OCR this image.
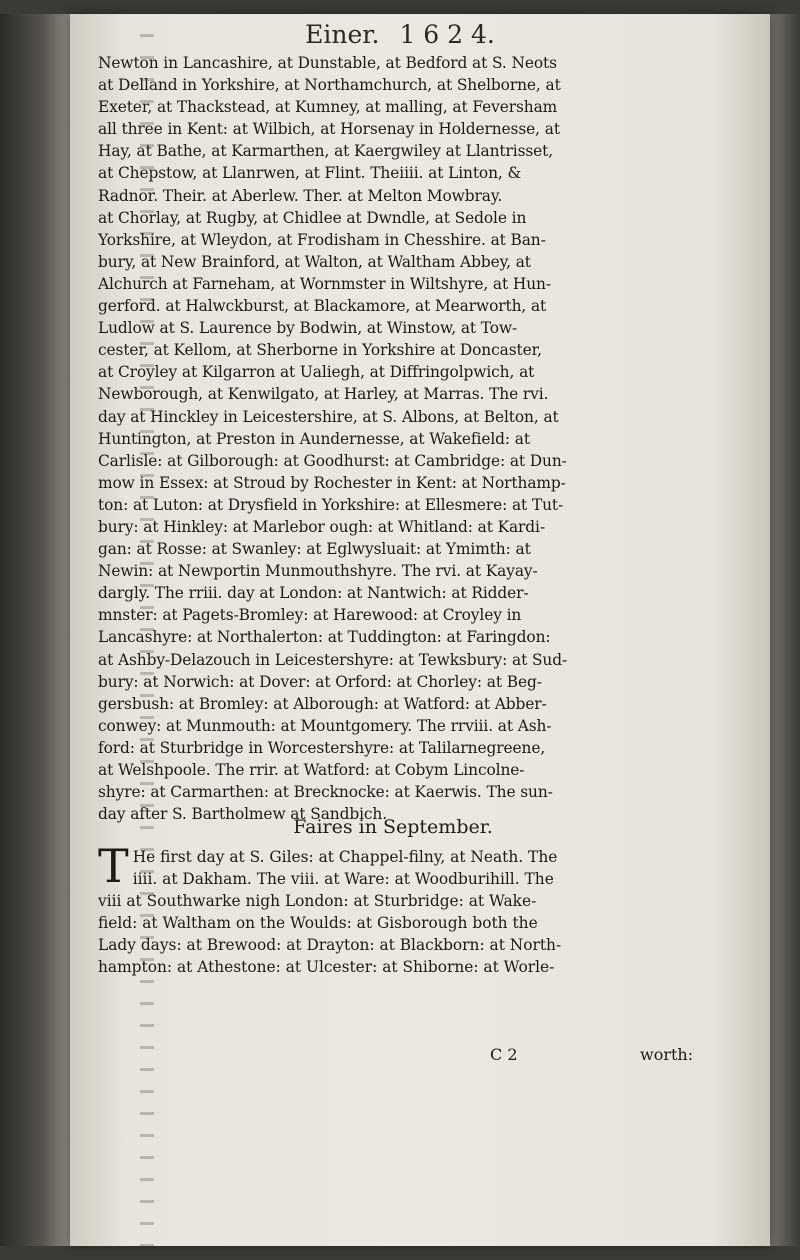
Einer. 1 6 2 4.
Newton in Lancashire, at Dunstable, at Bedford at S. Neots
at Delland in Yorkshire, at Northamchurch, at Shelborne, at
Exeter, at Thackstead, at Kumney, at malling, at Feversham
all three in Kent: at Wilbich, at Horsenay in Holdernesse, at
Hay, at Bathe, at Karmarthen, at Kaergwiley at Llantrisset,
at Chepstow, at Llanrwen, at Flint. Theiiii. at Linton, &
Radnor. Their. at Aberlew. Ther. at Melton Mowbray.
at Chorlay, at Rugby, at Chidlee at Dwndle, at Sedole in
Yorkshire, at Wleydon, at Frodisham in Chesshire. at Ban-
bury, at New Brainford, at Walton, at Waltham Abbey, at
Alchurch at Farneham, at Wornmster in Wiltshyre, at Hun-
gerford. at Halwckburst, at Blackamore, at Mearworth, at
Ludlow at S. Laurence by Bodwin, at Winstow, at Tow-
cester, at Kellom, at Sherborne in Yorkshire at Doncaster,
at Croyley at Kilgarron at Ualiegh, at Diffringolpwich, at
Newborough, at Kenwilgato, at Harley, at Marras. The rvi.
day at Hinckley in Leicestershire, at S. Albons, at Belton, at
Huntington, at Preston in Aundernesse, at Wakefield: at
Carlisle: at Gilborough: at Goodhurst: at Cambridge: at Dun-
mow in Essex: at Stroud by Rochester in Kent: at Northamp-
ton: at Luton: at Drysfield in Yorkshire: at Ellesmere: at Tut-
bury: at Hinkley: at Marlebor ough: at Whitland: at Kardi-
gan: at Rosse: at Swanley: at Eglwysluait: at Ymimth: at
Newin: at Newportin Munmouthshyre. The rvi. at Kayay-
dargly. The rriii. day at London: at Nantwich: at Ridder-
mnster: at Pagets-Bromley: at Harewood: at Croyley in
Lancashyre: at Northalerton: at Tuddington: at Faringdon:
at Ashby-Delazouch in Leicestershyre: at Tewksbury: at Sud-
bury: at Norwich: at Dover: at Orford: at Chorley: at Beg-
gersbush: at Bromley: at Alborough: at Watford: at Abber-
conwey: at Munmouth: at Mountgomery. The rrviii. at Ash-
ford: at Sturbridge in Worcestershyre: at Talilarnegreene,
at Welshpoole. The rrir. at Watford: at Cobym Lincolne-
shyre: at Carmarthen: at Brecknocke: at Kaerwis. The sun-
day after S. Bartholmew at Sandbich.
Faires in September.
T He first day at S. Giles: at Chappel-filny, at Neath. The
iiii. at Dakham. The viii. at Ware: at Woodburihill. The
viii at Southwarke nigh London: at Sturbridge: at Wake-
field: at Waltham on the Woulds: at Gisborough both the
Lady days: at Brewood: at Drayton: at Blackborn: at North-
hampton: at Athestone: at Ulcester: at Shiborne: at Worle-
C 2	worth:
